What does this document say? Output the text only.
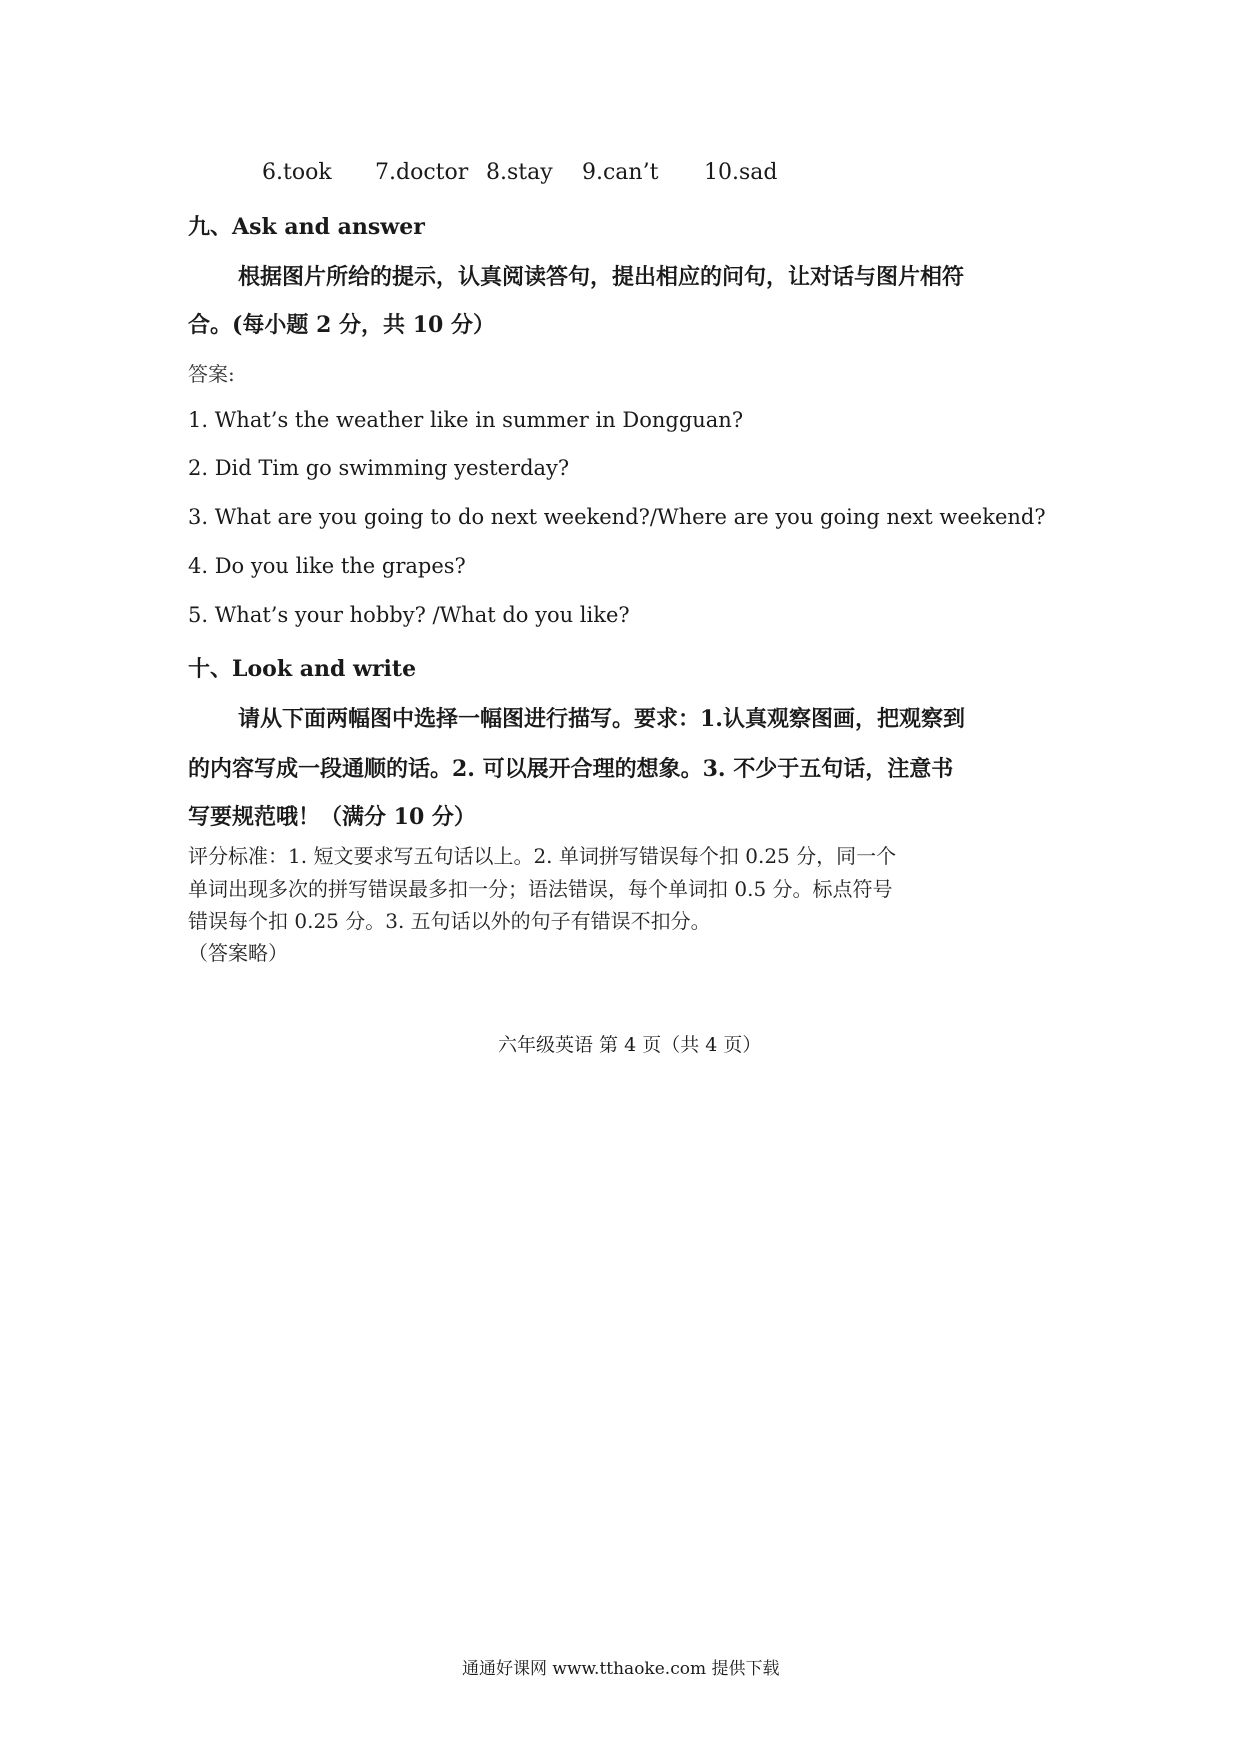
6.took 7.doctor 8.stay 9.can’t 10.sad
九、Ask and answer
根据图片所给的提示，认真阅读答句，提出相应的问句，让对话与图片相符
合。(每小题 2 分，共 10 分）
答案:
1. What’s the weather like in summer in Dongguan?
2. Did Tim go swimming yesterday?
3. What are you going to do next weekend?/Where are you going next weekend?
4. Do you like the grapes?
5. What’s your hobby? /What do you like?
十、Look and write
请从下面两幅图中选择一幅图进行描写。要求：1.认真观察图画，把观察到
的内容写成一段通顺的话。2. 可以展开合理的想象。3. 不少于五句话，注意书
写要规范哦！（满分 10 分）
评分标准：1. 短文要求写五句话以上。2. 单词拼写错误每个扣 0.25 分，同一个
单词出现多次的拼写错误最多扣一分；语法错误，每个单词扣 0.5 分。标点符号
错误每个扣 0.25 分。3. 五句话以外的句子有错误不扣分。
（答案略）
六年级英语 第 4 页（共 4 页）
通通好课网 www.tthaoke.com 提供下载
